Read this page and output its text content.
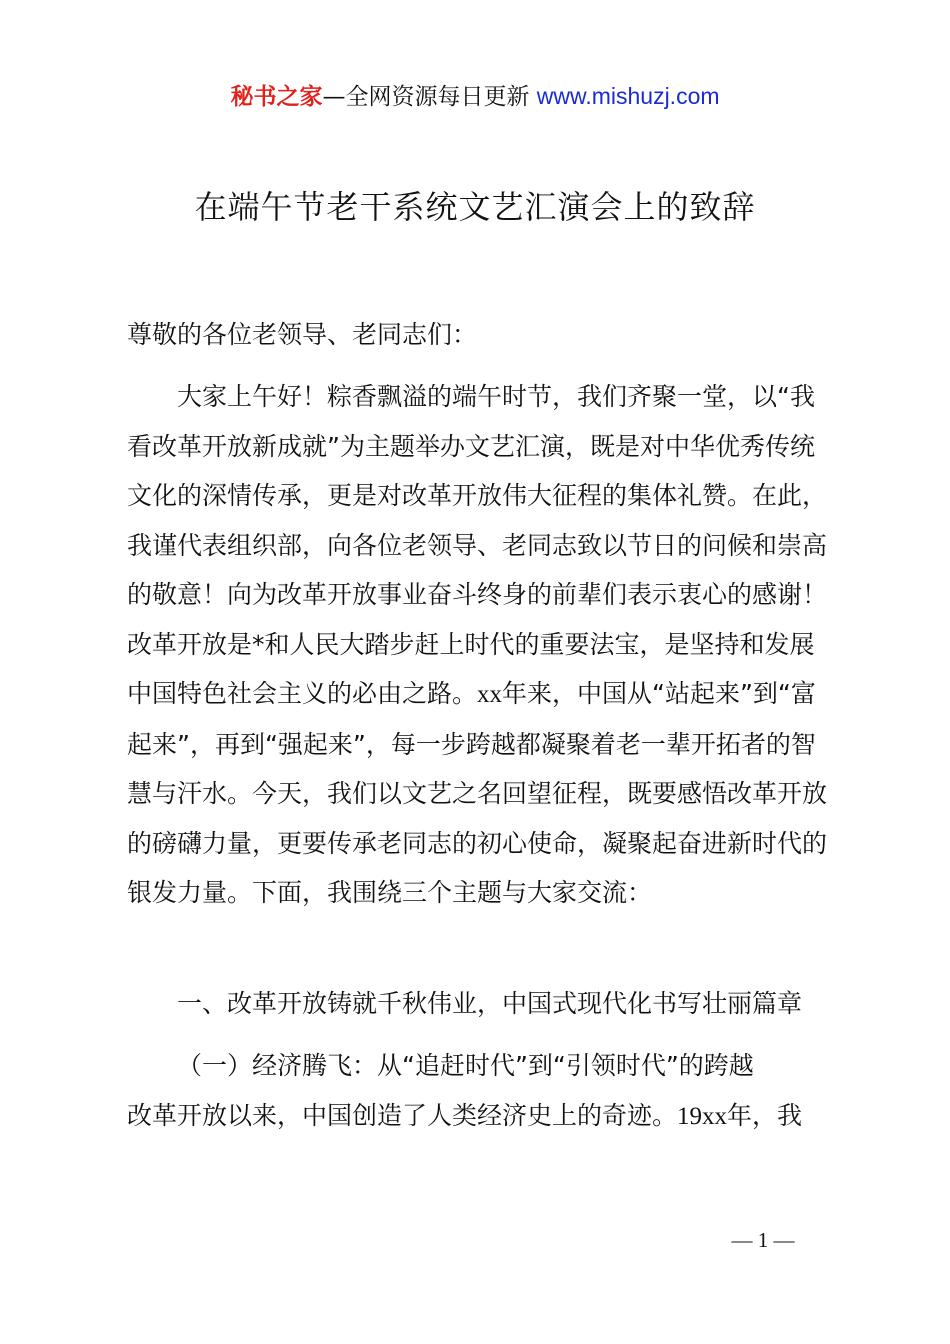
秘书之家—全网资源每日更新 www.mishuzj.com
在端午节老干系统文艺汇演会上的致辞

尊敬的各位老领导、老同志们：

大家上午好！粽香飘溢的端午时节，我们齐聚一堂，以“我看改革开放新成就”为主题举办文艺汇演，既是对中华优秀传统文化的深情传承，更是对改革开放伟大征程的集体礼赞。在此，我谨代表组织部，向各位老领导、老同志致以节日的问候和崇高的敬意！向为改革开放事业奋斗终身的前辈们表示衷心的感谢！改革开放是*和人民大踏步赶上时代的重要法宝，是坚持和发展中国特色社会主义的必由之路。xx年来，中国从“站起来”到“富起来”，再到“强起来”，每一步跨越都凝聚着老一辈开拓者的智慧与汗水。今天，我们以文艺之名回望征程，既要感悟改革开放的磅礴力量，更要传承老同志的初心使命，凝聚起奋进新时代的银发力量。下面，我围绕三个主题与大家交流：

一、改革开放铸就千秋伟业，中国式现代化书写壮丽篇章

（一）经济腾飞：从“追赶时代”到“引领时代”的跨越

改革开放以来，中国创造了人类经济史上的奇迹。19xx年，我

— 1 —
